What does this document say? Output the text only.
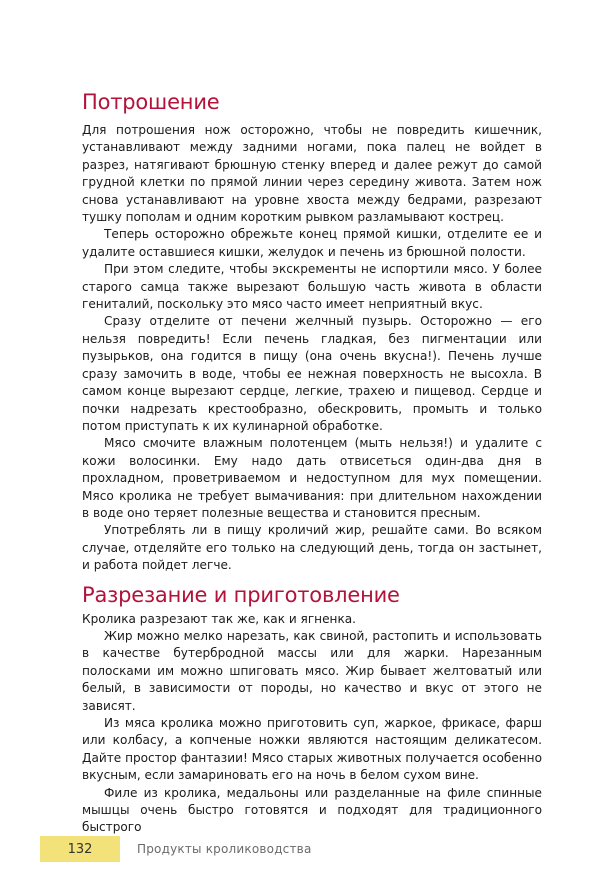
Потрошение

Для потрошения нож осторожно, чтобы не повредить кишечник, устанавливают между задними ногами, пока палец не войдет в разрез, натягивают брюшную стенку вперед и далее режут до самой грудной клетки по прямой линии через середину живота. Затем нож снова устанавливают на уровне хвоста между бедрами, разрезают тушку пополам и одним коротким рывком разламывают кострец.

Теперь осторожно обрежьте конец прямой кишки, отделите ее и удалите оставшиеся кишки, желудок и печень из брюшной полости.

При этом следите, чтобы экскременты не испортили мясо. У более старого самца также вырезают большую часть живота в области гениталий, поскольку это мясо часто имеет неприятный вкус.

Сразу отделите от печени желчный пузырь. Осторожно — его нельзя повредить! Если печень гладкая, без пигментации или пузырьков, она годится в пищу (она очень вкусна!). Печень лучше сразу замочить в воде, чтобы ее нежная поверхность не высохла. В самом конце вырезают сердце, легкие, трахею и пищевод. Сердце и почки надрезать крестообразно, обескровить, промыть и только потом приступать к их кулинарной обработке.

Мясо смочите влажным полотенцем (мыть нельзя!) и удалите с кожи волосинки. Ему надо дать отвисеться один-два дня в прохладном, проветриваемом и недоступном для мух помещении. Мясо кролика не требует вымачивания: при длительном нахождении в воде оно теряет полезные вещества и становится пресным.

Употреблять ли в пищу кроличий жир, решайте сами. Во всяком случае, отделяйте его только на следующий день, тогда он застынет, и работа пойдет легче.

Разрезание и приготовление

Кролика разрезают так же, как и ягненка.

Жир можно мелко нарезать, как свиной, растопить и использовать в качестве бутербродной массы или для жарки. Нарезанным полосками им можно шпиговать мясо. Жир бывает желтоватый или белый, в зависимости от породы, но качество и вкус от этого не зависят.

Из мяса кролика можно приготовить суп, жаркое, фрикасе, фарш или колбасу, а копченые ножки являются настоящим деликатесом. Дайте простор фантазии! Мясо старых животных получается особенно вкусным, если замариновать его на ночь в белом сухом вине.

Филе из кролика, медальоны или разделанные на филе спинные мышцы очень быстро готовятся и подходят для традиционного быстрого

132	Продукты кролиководства
